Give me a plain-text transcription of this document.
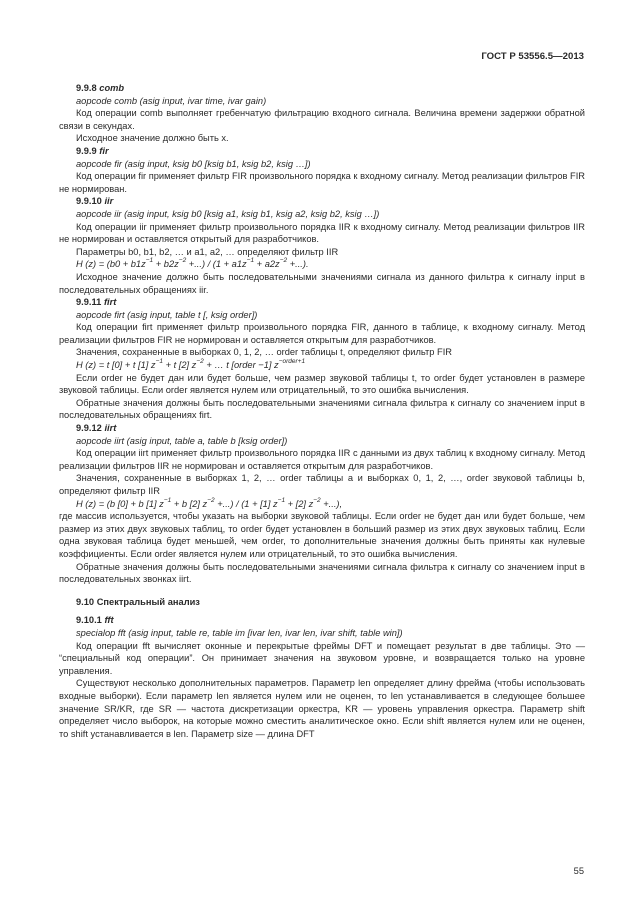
ГОСТ Р 53556.5—2013

9.9.8 comb

aopcode comb (asig input, ivar time, ivar gain)

Код операции comb выполняет гребенчатую фильтрацию входного сигнала. Величина времени задержки обратной связи в секундах.

Исходное значение должно быть x.

9.9.9 fir

aopcode fir (asig input, ksig b0 [ksig b1, ksig b2, ksig …])

Код операции fir применяет фильтр FIR произвольного порядка к входному сигналу. Метод реализации фильтров FIR не нормирован.

9.9.10 iir

aopcode iir (asig input, ksig b0 [ksig a1, ksig b1, ksig a2, ksig b2, ksig …])

Код операции iir применяет фильтр произвольного порядка IIR к входному сигналу. Метод реализации фильтров IIR не нормирован и оставляется открытый для разработчиков.

Параметры b0, b1, b2, … и a1, a2, … определяют фильтр IIR

H $(z) = (b0 + b1z^{-1} + b2z^{-2}$ +...) / ($1 + a1z^{-1} + a2z^{-2}$ +...).

Исходное значение должно быть последовательными значениями сигнала из данного фильтра к сигналу input в последовательных обращениях iir.

9.9.11 firt

aopcode firt (asig input, table t [, ksig order])

Код операции firt применяет фильтр произвольного порядка FIR, данного в таблице, к входному сигналу. Метод реализации фильтров FIR не нормирован и оставляется открытым для разработчиков.

Значения, сохраненные в выборках 0, 1, 2, … order таблицы t, определяют фильтр FIR

H (z) = t [0] + t [1] $z^{-1} + t$ [2] $z^{-2}$ + … t [order −1] $z^{-order+1}$

Если order не будет дан или будет больше, чем размер звуковой таблицы t, то order будет установлен в размере звуковой таблицы. Если order является нулем или отрицательный, то это ошибка вычисления.

Обратные значения должны быть последовательными значениями сигнала фильтра к сигналу со значением input в последовательных обращениях firt.

9.9.12 iirt

aopcode iirt (asig input, table a, table b [ksig order])

Код операции iirt применяет фильтр произвольного порядка IIR с данными из двух таблиц к входному сигналу. Метод реализации фильтров IIR не нормирован и оставляется открытым для разработчиков.

Значения, сохраненные в выборках 1, 2, … order таблицы a и выборках 0, 1, 2, …, order звуковой таблицы b, определяют фильтр IIR

H (z) = (b [0] + b [1] $z^{-1} + b$ [2] $z^{-2}$ +...) / (1 + [1] $z^{-1} + [2]$ $z^{-2}$ +...),

где массив используется, чтобы указать на выборки звуковой таблицы. Если order не будет дан или будет больше, чем размер из этих двух звуковых таблиц, то order будет установлен в больший размер из этих двух звуковых таблиц. Если одна звуковая таблица будет меньшей, чем order, то дополнительные значения должны быть приняты как нулевые коэффициенты. Если order является нулем или отрицательный, то это ошибка вычисления.

Обратные значения должны быть последовательными значениями сигнала фильтра к сигналу со значением input в последовательных звонках iirt.

9.10 Спектральный анализ

9.10.1 fft

specialop fft (asig input, table re, table im [ivar len, ivar len, ivar shift, table win])

Код операции fft вычисляет оконные и перекрытые фреймы DFT и помещает результат в две таблицы. Это — “специальный код операции”. Он принимает значения на звуковом уровне, и возвращается только на уровне управления.

Существуют несколько дополнительных параметров. Параметр len определяет длину фрейма (чтобы использовать входные выборки). Если параметр len является нулем или не оценен, то len устанавливается в следующее большее значение SR/KR, где SR — частота дискретизации оркестра, KR — уровень управления оркестра. Параметр shift определяет число выборок, на которые можно сместить аналитическое окно. Если shift является нулем или не оценен, то shift устанавливается в len. Параметр size — длина DFT

55
